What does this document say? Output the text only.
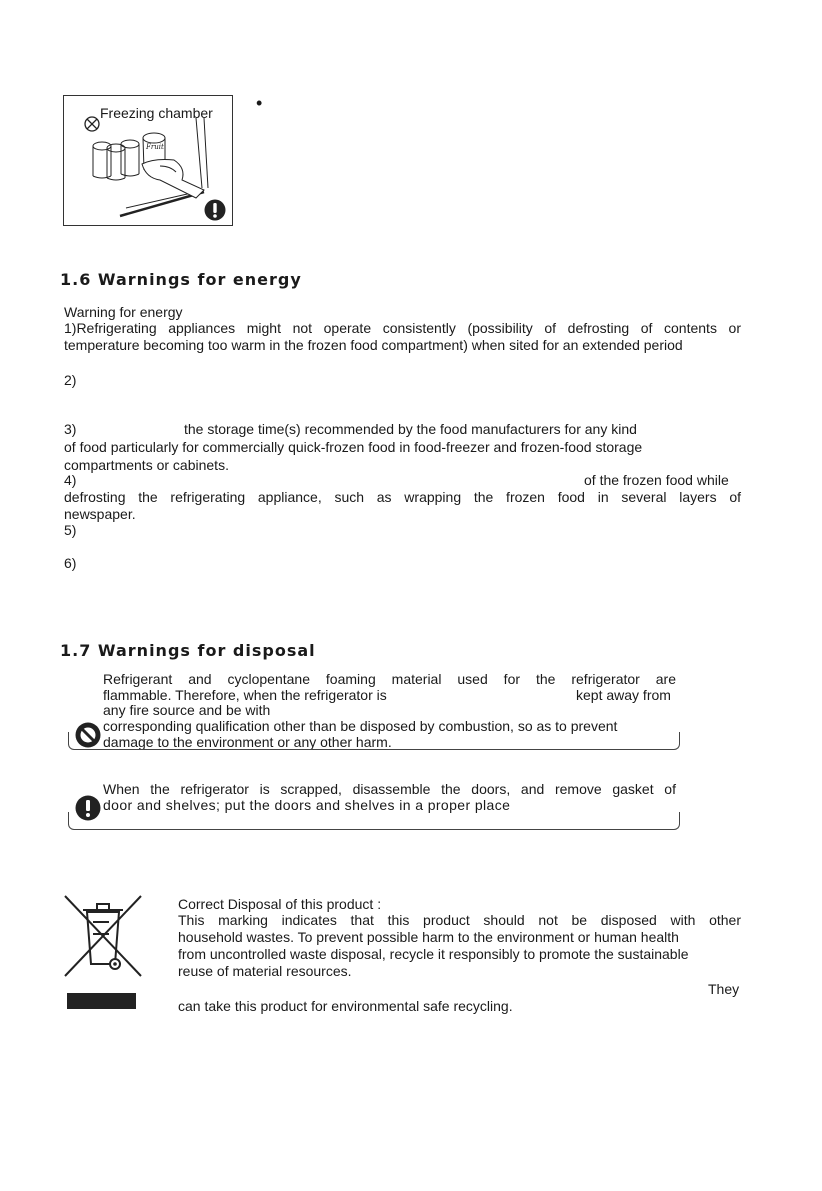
Fruit
Freezing chamber •
1.6 Warnings for energy
Warning for energy
1)Refrigerating appliances might not operate consistently (possibility of defrosting of contents or
temperature becoming too warm in the frozen food compartment) when sited for an extended period
2)
3)	the storage time(s) recommended by the food manufacturers for any kind
of food particularly for commercially quick-frozen food in food-freezer and frozen-food storage
compartments or cabinets.
4)	of the frozen food while
defrosting the refrigerating appliance, such as wrapping the frozen food in several layers of
newspaper.
5)
6)
1.7 Warnings for disposal
Refrigerant and cyclopentane foaming material used for the refrigerator are
flammable. Therefore, when the refrigerator is	kept away from
any fire source and be with
corresponding qualification other than be disposed by combustion, so as to prevent
damage to the environment or any other harm.
When the refrigerator is scrapped, disassemble the doors, and remove gasket of
door and shelves; put the doors and shelves in a proper place
Correct Disposal of this product :
This marking indicates that this product should not be disposed with other
household wastes. To prevent possible harm to the environment or human health
from uncontrolled waste disposal, recycle it responsibly to promote the sustainable
reuse of material resources.
They
can take this product for environmental safe recycling.
